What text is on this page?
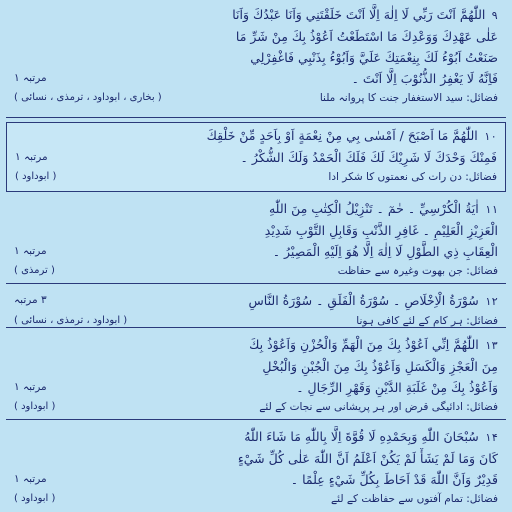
۹اللّٰهُمَّ اَنْتَ رَبِّي لَا اِلٰهَ اِلَّا اَنْتَ خَلَقْتَنِي وَاَنَا عَبْدُكَ وَاَنَا
عَلٰى عَهْدِكَ وَوَعْدِكَ مَا اسْتَطَعْتُ اَعُوْذُ بِكَ مِنْ شَرِّ مَا
صَنَعْتُ اَبُوْءُ لَكَ بِنِعْمَتِكَ عَلَيَّ وَاَبُوْءُ بِذَنْبِي فَاغْفِرْلِي
فَاِنَّهُ لَا يَغْفِرُ الذُّنُوْبَ اِلَّا اَنْتَ ۔
مرتبہ ۱
فضائل: سید الاستغفار جنت کا پروانہ ملنا
( بخاری ، ابوداود ، ترمذی ، نسائی )
۱۰اللّٰهُمَّ مَا اَصْبَحَ / اَمْسٰى بِي مِنْ نِعْمَةٍ اَوْ بِاَحَدٍ مِّنْ خَلْقِكَ
فَمِنْكَ وَحْدَكَ لَا شَرِيْكَ لَكَ فَلَكَ الْحَمْدُ وَلَكَ الشُّكْرُ ۔
مرتبہ ۱
فضائل: دن رات کی نعمتوں کا شکر ادا
( ابوداود )
۱۱اٰيَةُ الْكُرْسِيِّ ۔ حٰمٓ ۔ تَنْزِيْلُ الْكِتٰبِ مِنَ اللّٰهِ
الْعَزِيْزِ الْعَلِيْمِ ۔ غَافِرِ الذَّنْبِ وَقَابِلِ التَّوْبِ شَدِيْدِ
الْعِقَابِ ذِي الطَّوْلِ لَا اِلٰهَ اِلَّا هُوَ اِلَيْهِ الْمَصِيْرُ ۔
مرتبہ ۱
فضائل: جن بھوت وغیرہ سے حفاظت
( ترمذی )
۱۲سُوْرَةُ الْاِخْلَاصِ ۔ سُوْرَةُ الْفَلَقِ ۔ سُوْرَةُ النَّاسِ
۳ مرتبہ
فضائل: ہر کام کے لئے کافی ہونا
( ابوداود ، ترمذی ، نسائی )
۱۳اللّٰهُمَّ اِنِّي اَعُوْذُ بِكَ مِنَ الْهَمِّ وَالْحُزْنِ وَاَعُوْذُ بِكَ
مِنَ الْعَجْزِ وَالْكَسَلِ وَاَعُوْذُ بِكَ مِنَ الْجُبْنِ وَالْبُخْلِ
وَاَعُوْذُ بِكَ مِنْ غَلَبَةِ الدَّيْنِ وَقَهْرِ الرِّجَالِ ۔
مرتبہ ۱
فضائل: ادائیگی قرض اور ہر پریشانی سے نجات کے لئے
( ابوداود )
۱۴سُبْحَانَ اللّٰهِ وَبِحَمْدِهِ لَا قُوَّةَ اِلَّا بِاللّٰهِ مَا شَاءَ اللّٰهُ
كَانَ وَمَا لَمْ يَشَأْ لَمْ يَكُنْ اَعْلَمُ اَنَّ اللّٰهَ عَلٰى كُلِّ شَيْءٍ
قَدِيْرٌ وَاَنَّ اللّٰهَ قَدْ اَحَاطَ بِكُلِّ شَيْءٍ عِلْمًا ۔
مرتبہ ۱
فضائل: تمام آفتوں سے حفاظت کے لئے
( ابوداود )
